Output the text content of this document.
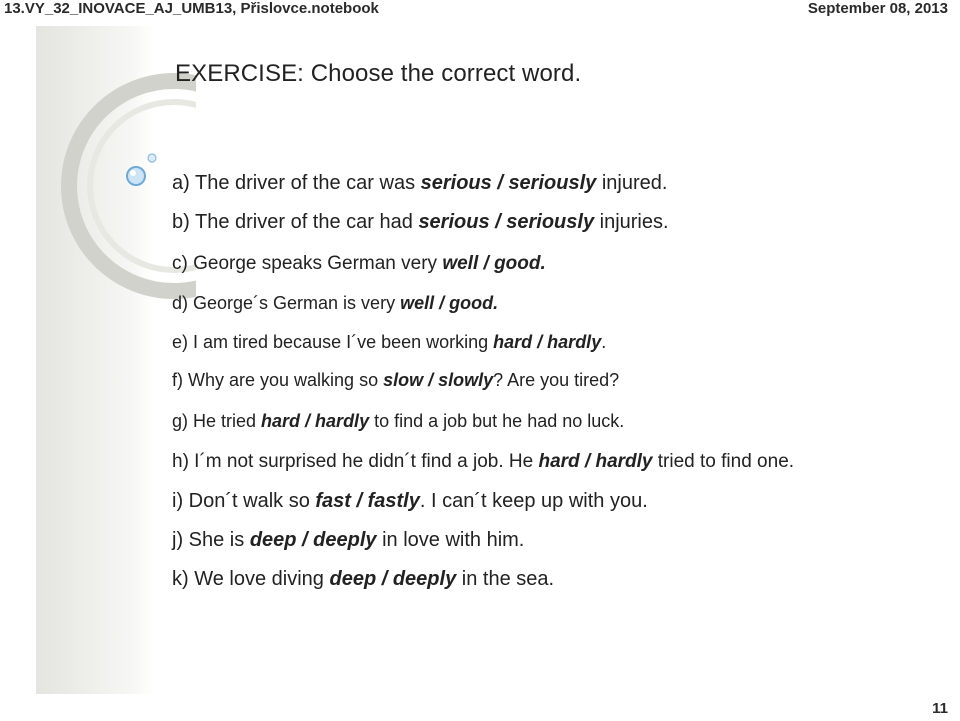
13.VY_32_INOVACE_AJ_UMB13, Přislovce.notebook	September 08, 2013
EXERCISE: Choose the correct word.
a) The driver of the car was serious / seriously injured.
b) The driver of the car had serious / seriously injuries.
c) George speaks German very well / good.
d) George´s German is very well / good.
e) I am tired because I´ve been working hard / hardly.
f) Why are you walking so slow / slowly? Are you tired?
g) He tried hard / hardly to find a job but he had no luck.
h) I´m not surprised he didn´t find a job. He hard / hardly tried to find one.
i) Don´t walk so fast / fastly. I can´t keep up with you.
j) She is deep / deeply in love with him.
k) We love diving deep / deeply in the sea.
11
